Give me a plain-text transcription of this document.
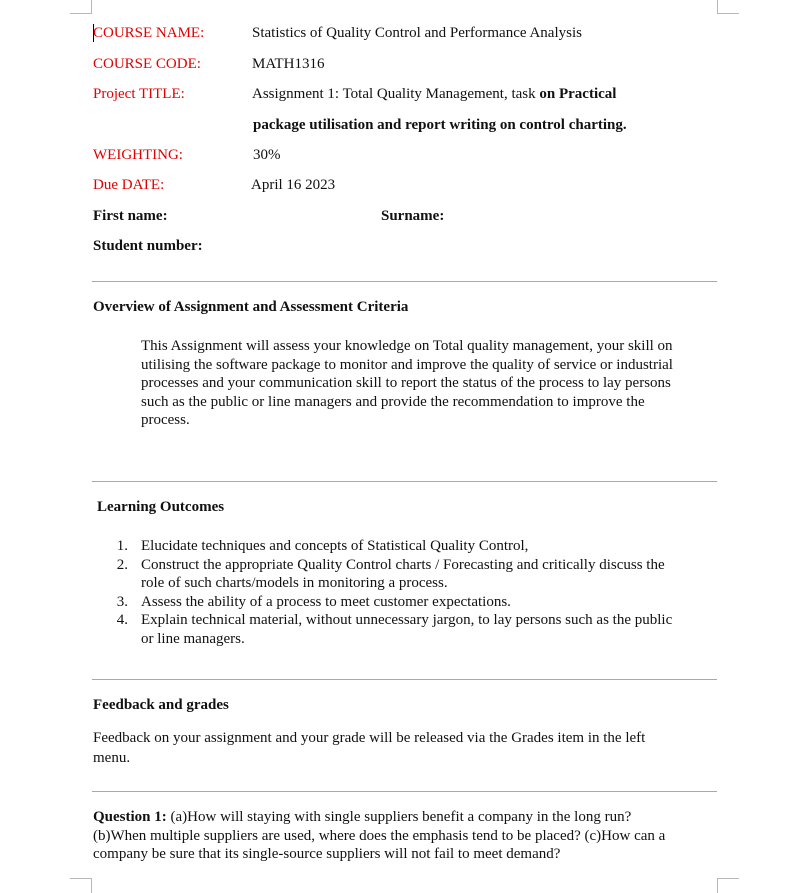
COURSE NAME:	Statistics of Quality Control and Performance Analysis
COURSE CODE:	MATH1316
Project TITLE:	Assignment 1: Total Quality Management, task on Practical
package utilisation and report writing on control charting.
WEIGHTING:	30%
Due DATE:	April 16 2023
First name:	Surname:
Student number:
Overview of Assignment and Assessment Criteria
This Assignment will assess your knowledge on Total quality management, your skill on
utilising the software package to monitor and improve the quality of service or industrial
processes and your communication skill to report the status of the process to lay persons
such as the public or line managers and provide the recommendation to improve the
process.
Learning Outcomes
1. Elucidate techniques and concepts of Statistical Quality Control,
2. Construct the appropriate Quality Control charts / Forecasting and critically discuss the
role of such charts/models in monitoring a process.
3. Assess the ability of a process to meet customer expectations.
4. Explain technical material, without unnecessary jargon, to lay persons such as the public
or line managers.
Feedback and grades
Feedback on your assignment and your grade will be released via the Grades item in the left
menu.
Question 1: (a)How will staying with single suppliers benefit a company in the long run?
(b)When multiple suppliers are used, where does the emphasis tend to be placed? (c)How can a
company be sure that its single-source suppliers will not fail to meet demand?
